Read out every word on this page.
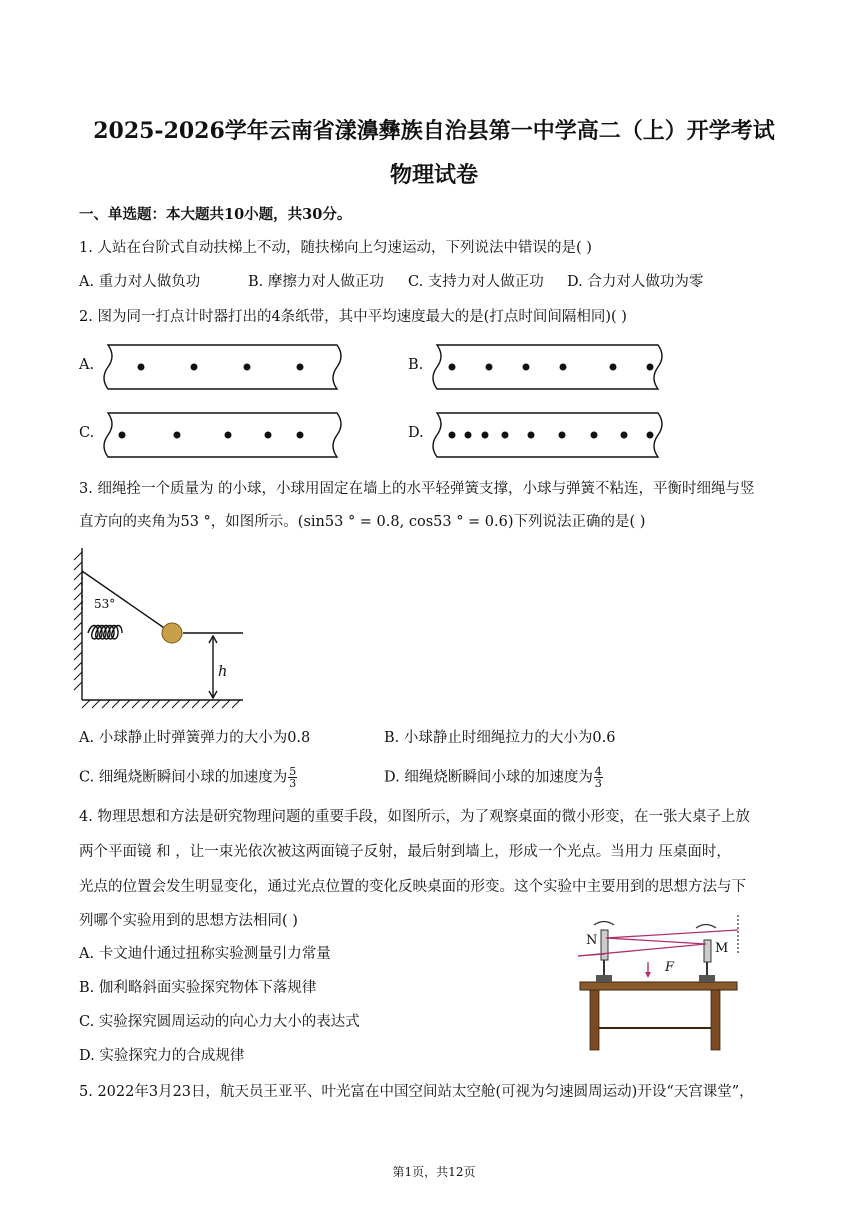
2025-2026学年云南省漾濞彝族自治县第一中学高二（上）开学考试
物理试卷
一、单选题：本大题共10小题，共30分。
1. 人站在台阶式自动扶梯上不动，随扶梯向上匀速运动，下列说法中错误的是( )
A. 重力对人做负功	B. 摩擦力对人做正功 C. 支持力对人做正功 D. 合力对人做功为零
2. 图为同一打点计时器打出的4条纸带，其中平均速度最大的是(打点时间间隔相同)( )
A.	B.
C.	D.
3. 细绳拴一个质量为 的小球，小球用固定在墙上的水平轻弹簧支撑，小球与弹簧不粘连，平衡时细绳与竖
直方向的夹角为53 °，如图所示。(sin53 ° = 0.8, cos53 ° = 0.6)下列说法正确的是( )
53°
h
A. 小球静止时弹簧弹力的大小为0.8	B. 小球静止时细绳拉力的大小为0.6
C. 细绳烧断瞬间小球的加速度为 $\frac{5}{3}$	D. 细绳烧断瞬间小球的加速度为 $\frac{4}{3}$
4. 物理思想和方法是研究物理问题的重要手段，如图所示，为了观察桌面的微小形变，在一张大桌子上放
两个平面镜 和 ，让一束光依次被这两面镜子反射，最后射到墙上，形成一个光点。当用力 压桌面时，
光点的位置会发生明显变化，通过光点位置的变化反映桌面的形变。这个实验中主要用到的思想方法与下
列哪个实验用到的思想方法相同( )
A. 卡文迪什通过扭称实验测量引力常量
B. 伽利略斜面实验探究物体下落规律
C. 实验探究圆周运动的向心力大小的表达式
D. 实验探究力的合成规律
N
M
F
5. 2022年3月23日，航天员王亚平、叶光富在中国空间站太空舱(可视为匀速圆周运动)开设“天宫课堂”，
第1页，共12页
